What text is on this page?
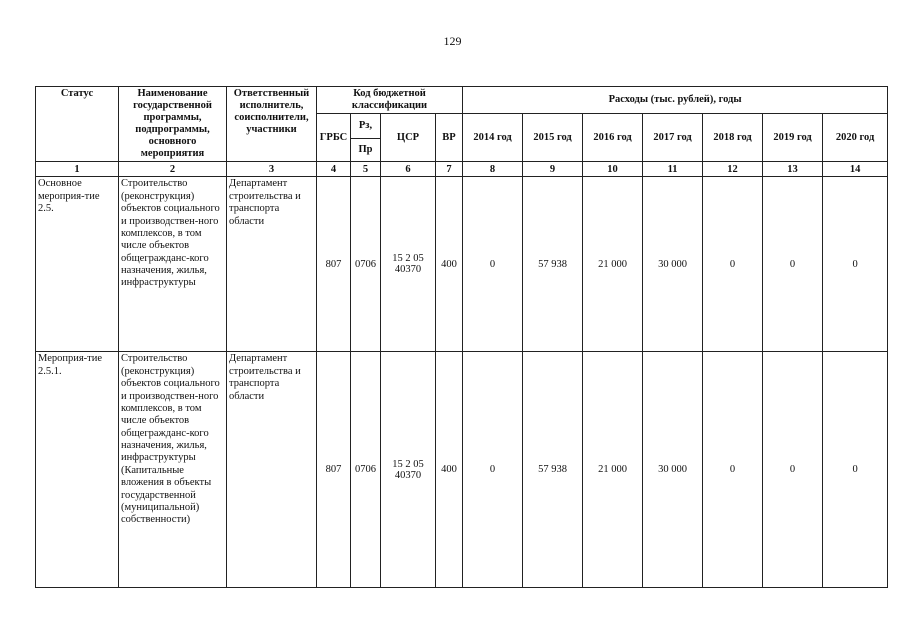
129
Статус	Наименование государственной программы, подпрограммы, основного мероприятия	Ответственный исполнитель, соисполнители, участники	Код бюджетной классификации				Расходы (тыс. рублей), годы						
			ГРБС	Рз,	ЦСР	ВР	2014 год	2015 год	2016 год	2017 год	2018 год	2019 год	2020 год
				Пр									
1	2	3	4	5	6	7	8	9	10	11	12	13	14
Основное мероприя-тие 2.5.	Строительство (реконструкция) объектов социального и производствен-ного комплексов, в том числе объектов общегражданс-кого назначения, жилья, инфраструктуры	Департамент строительства и транспорта области	807	0706	15 2 05 40370	400	0	57 938	21 000	30 000	0	0	0
Мероприя-тие 2.5.1.	Строительство (реконструкция) объектов социального и производствен-ного комплексов, в том числе объектов общегражданс-кого назначения, жилья, инфраструктуры (Капитальные вложения в объекты государственной (муниципальной) собственности)	Департамент строительства и транспорта области	807	0706	15 2 05 40370	400	0	57 938	21 000	30 000	0	0	0
